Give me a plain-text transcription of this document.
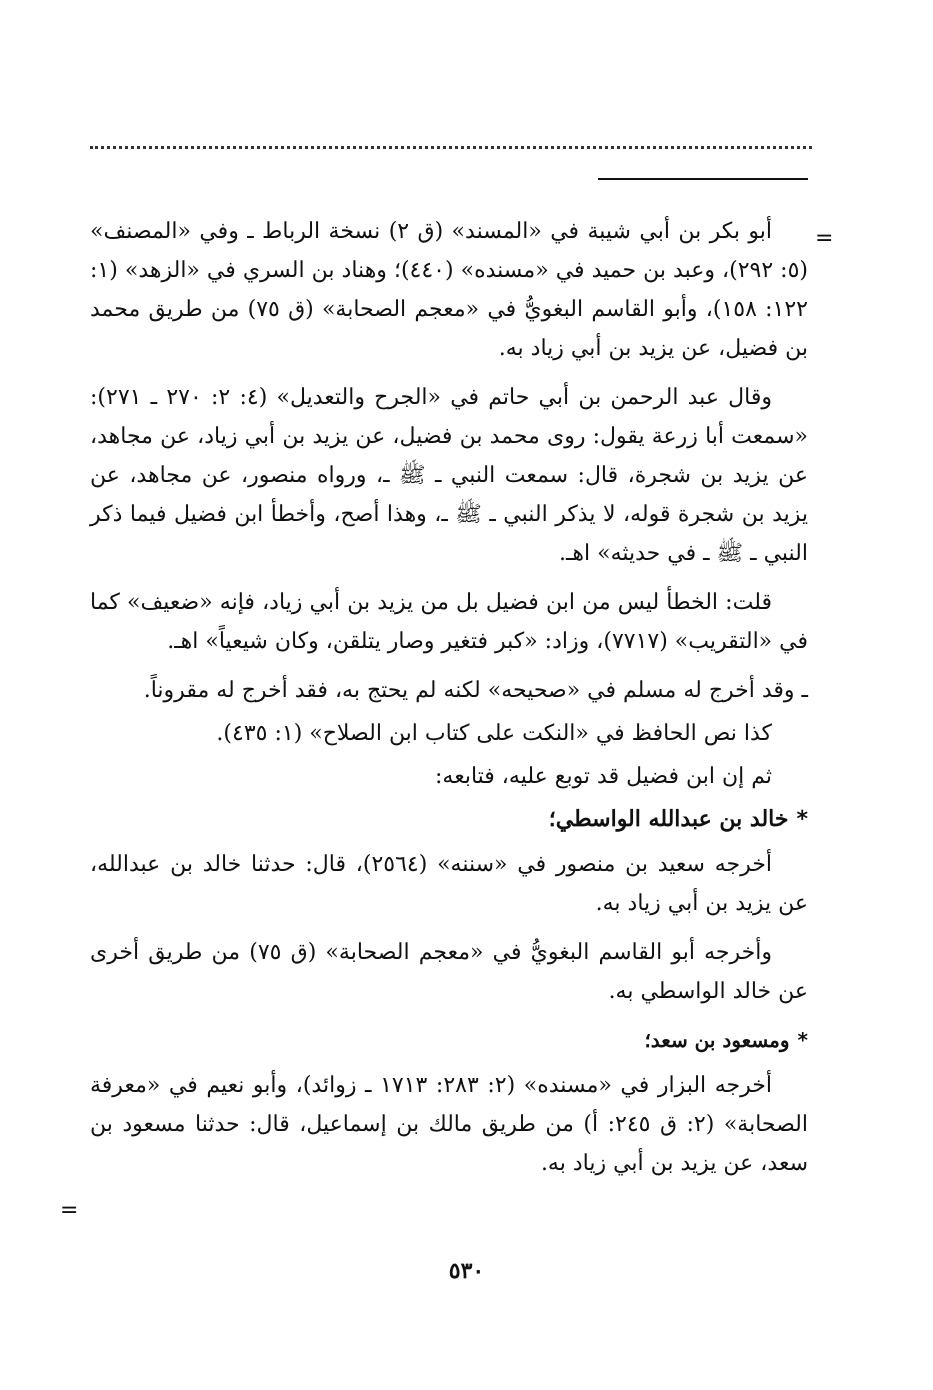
=
=

أبو بكر بن أبي شيبة في «المسند» (ق ٢) نسخة الرباط ـ وفي «المصنف» (٥: ٢٩٢)، وعبد بن حميد في «مسنده» (٤٤٠)؛ وهناد بن السري في «الزهد» (١: ١٢٢: ١٥٨)، وأبو القاسم البغويُّ في «معجم الصحابة» (ق ٧٥) من طريق محمد بن فضيل، عن يزيد بن أبي زياد به.

وقال عبد الرحمن بن أبي حاتم في «الجرح والتعديل» (٤: ٢: ٢٧٠ ـ ٢٧١): «سمعت أبا زرعة يقول: روى محمد بن فضيل، عن يزيد بن أبي زياد، عن مجاهد، عن يزيد بن شجرة، قال: سمعت النبي ـ ﷺ ـ، ورواه منصور، عن مجاهد، عن يزيد بن شجرة قوله، لا يذكر النبي ـ ﷺ ـ، وهذا أصح، وأخطأ ابن فضيل فيما ذكر النبي ـ ﷺ ـ في حديثه» اهـ.

قلت: الخطأ ليس من ابن فضيل بل من يزيد بن أبي زياد، فإنه «ضعيف» كما في «التقريب» (٧٧١٧)، وزاد: «كبر فتغير وصار يتلقن، وكان شيعياً» اهـ.

ـ وقد أخرج له مسلم في «صحيحه» لكنه لم يحتج به، فقد أخرج له مقروناً.

كذا نص الحافظ في «النكت على كتاب ابن الصلاح» (١: ٤٣٥).

ثم إن ابن فضيل قد توبع عليه، فتابعه:

*خالد بن عبدالله الواسطي؛

أخرجه سعيد بن منصور في «سننه» (٢٥٦٤)، قال: حدثنا خالد بن عبدالله، عن يزيد بن أبي زياد به.

وأخرجه أبو القاسم البغويُّ في «معجم الصحابة» (ق ٧٥) من طريق أخرى عن خالد الواسطي به.

*ومسعود بن سعد؛

أخرجه البزار في «مسنده» (٢: ٢٨٣: ١٧١٣ ـ زوائد)، وأبو نعيم في «معرفة الصحابة» (٢: ق ٢٤٥: أ) من طريق مالك بن إسماعيل، قال: حدثنا مسعود بن سعد، عن يزيد بن أبي زياد به.

٥٣٠
